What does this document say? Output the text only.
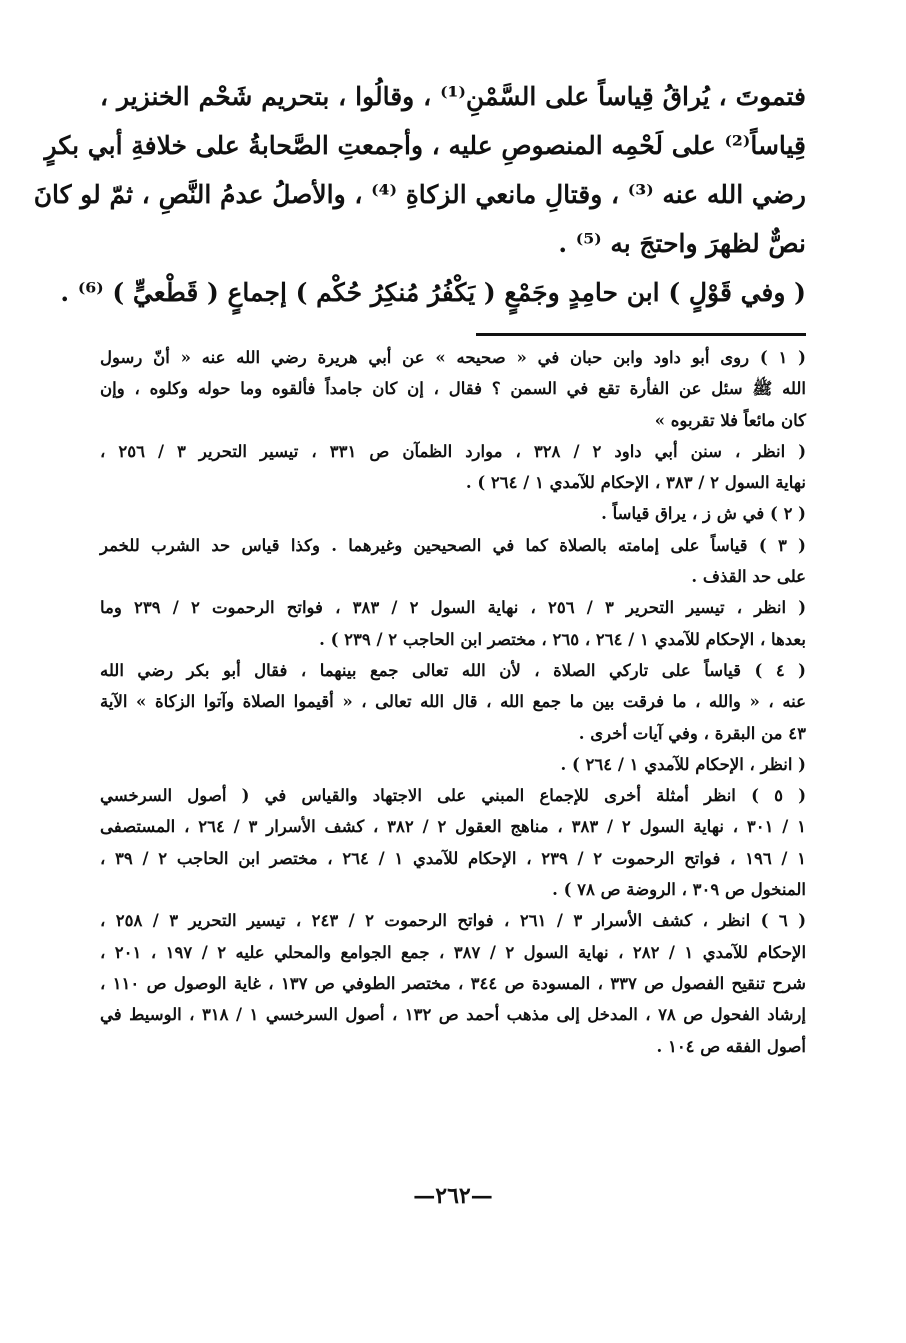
فتموتَ ، يُراقُ قِياساً على السَّمْنِ⁽¹⁾ ، وقالُوا ، بتحريم شَحْم الخنزير ،
قِياساً⁽²⁾ على لَحْمِه المنصوصِ عليه ، وأجمعتِ الصَّحابةُ على خلافةِ أبي بكرٍ
رضي الله عنه ⁽³⁾ ، وقتالِ مانعي الزكاةِ ⁽⁴⁾ ، والأصلُ عدمُ النَّصِ ، ثمّ لو كانَ
نصٌّ لظهرَ واحتجَ به ⁽⁵⁾ .
( وفي قَوْلٍ ) ابن حامِدٍ وجَمْعٍ ( يَكْفُرُ مُنكِرُ حُكْم ) إجماعٍ ( قَطْعيٍّ ) ⁽⁶⁾ .
( ١ ) روى أبو داود وابن حبان في « صحيحه » عن أبي هريرة رضي الله عنه « أنّ رسول
الله ﷺ سئل عن الفأرة تقع في السمن ؟ فقال ، إن كان جامداً فألقوه وما حوله وكلوه ، وإن
كان مائعاً فلا تقربوه »
( انظر ، سنن أبي داود ٢ / ٣٢٨ ، موارد الظمآن ص ٣٣١ ، تيسير التحرير ٣ / ٢٥٦ ،
نهاية السول ٢ / ٣٨٣ ، الإحكام للآمدي ١ / ٢٦٤ ) .
( ٢ ) في ش ز ، يراق قياساً .
( ٣ ) قياساً على إمامته بالصلاة كما في الصحيحين وغيرهما . وكذا قياس حد الشرب للخمر
على حد القذف .
( انظر ، تيسير التحرير ٣ / ٢٥٦ ، نهاية السول ٢ / ٣٨٣ ، فواتح الرحموت ٢ / ٢٣٩ وما
بعدها ، الإحكام للآمدي ١ / ٢٦٤ ، ٢٦٥ ، مختصر ابن الحاجب ٢ / ٢٣٩ ) .
( ٤ ) قياساً على تاركي الصلاة ، لأن الله تعالى جمع بينهما ، فقال أبو بكر رضي الله
عنه ، « والله ، ما فرقت بين ما جمع الله ، قال الله تعالى ، « أقيموا الصلاة وآتوا الزكاة » الآية
٤٣ من البقرة ، وفي آيات أخرى .
( انظر ، الإحكام للآمدي ١ / ٢٦٤ ) .
( ٥ ) انظر أمثلة أخرى للإجماع المبني على الاجتهاد والقياس في ( أصول السرخسي
١ / ٣٠١ ، نهاية السول ٢ / ٣٨٣ ، مناهج العقول ٢ / ٣٨٢ ، كشف الأسرار ٣ / ٢٦٤ ، المستصفى
١ / ١٩٦ ، فواتح الرحموت ٢ / ٢٣٩ ، الإحكام للآمدي ١ / ٢٦٤ ، مختصر ابن الحاجب ٢ / ٣٩ ،
المنخول ص ٣٠٩ ، الروضة ص ٧٨ ) .
( ٦ ) انظر ، كشف الأسرار ٣ / ٢٦١ ، فواتح الرحموت ٢ / ٢٤٣ ، تيسير التحرير ٣ / ٢٥٨ ،
الإحكام للآمدي ١ / ٢٨٢ ، نهاية السول ٢ / ٣٨٧ ، جمع الجوامع والمحلي عليه ٢ / ١٩٧ ، ٢٠١ ،
شرح تنقيح الفصول ص ٣٣٧ ، المسودة ص ٣٤٤ ، مختصر الطوفي ص ١٣٧ ، غاية الوصول ص ١١٠ ،
إرشاد الفحول ص ٧٨ ، المدخل إلى مذهب أحمد ص ١٣٢ ، أصول السرخسي ١ / ٣١٨ ، الوسيط في
أصول الفقه ص ١٠٤ .
—٢٦٢—
